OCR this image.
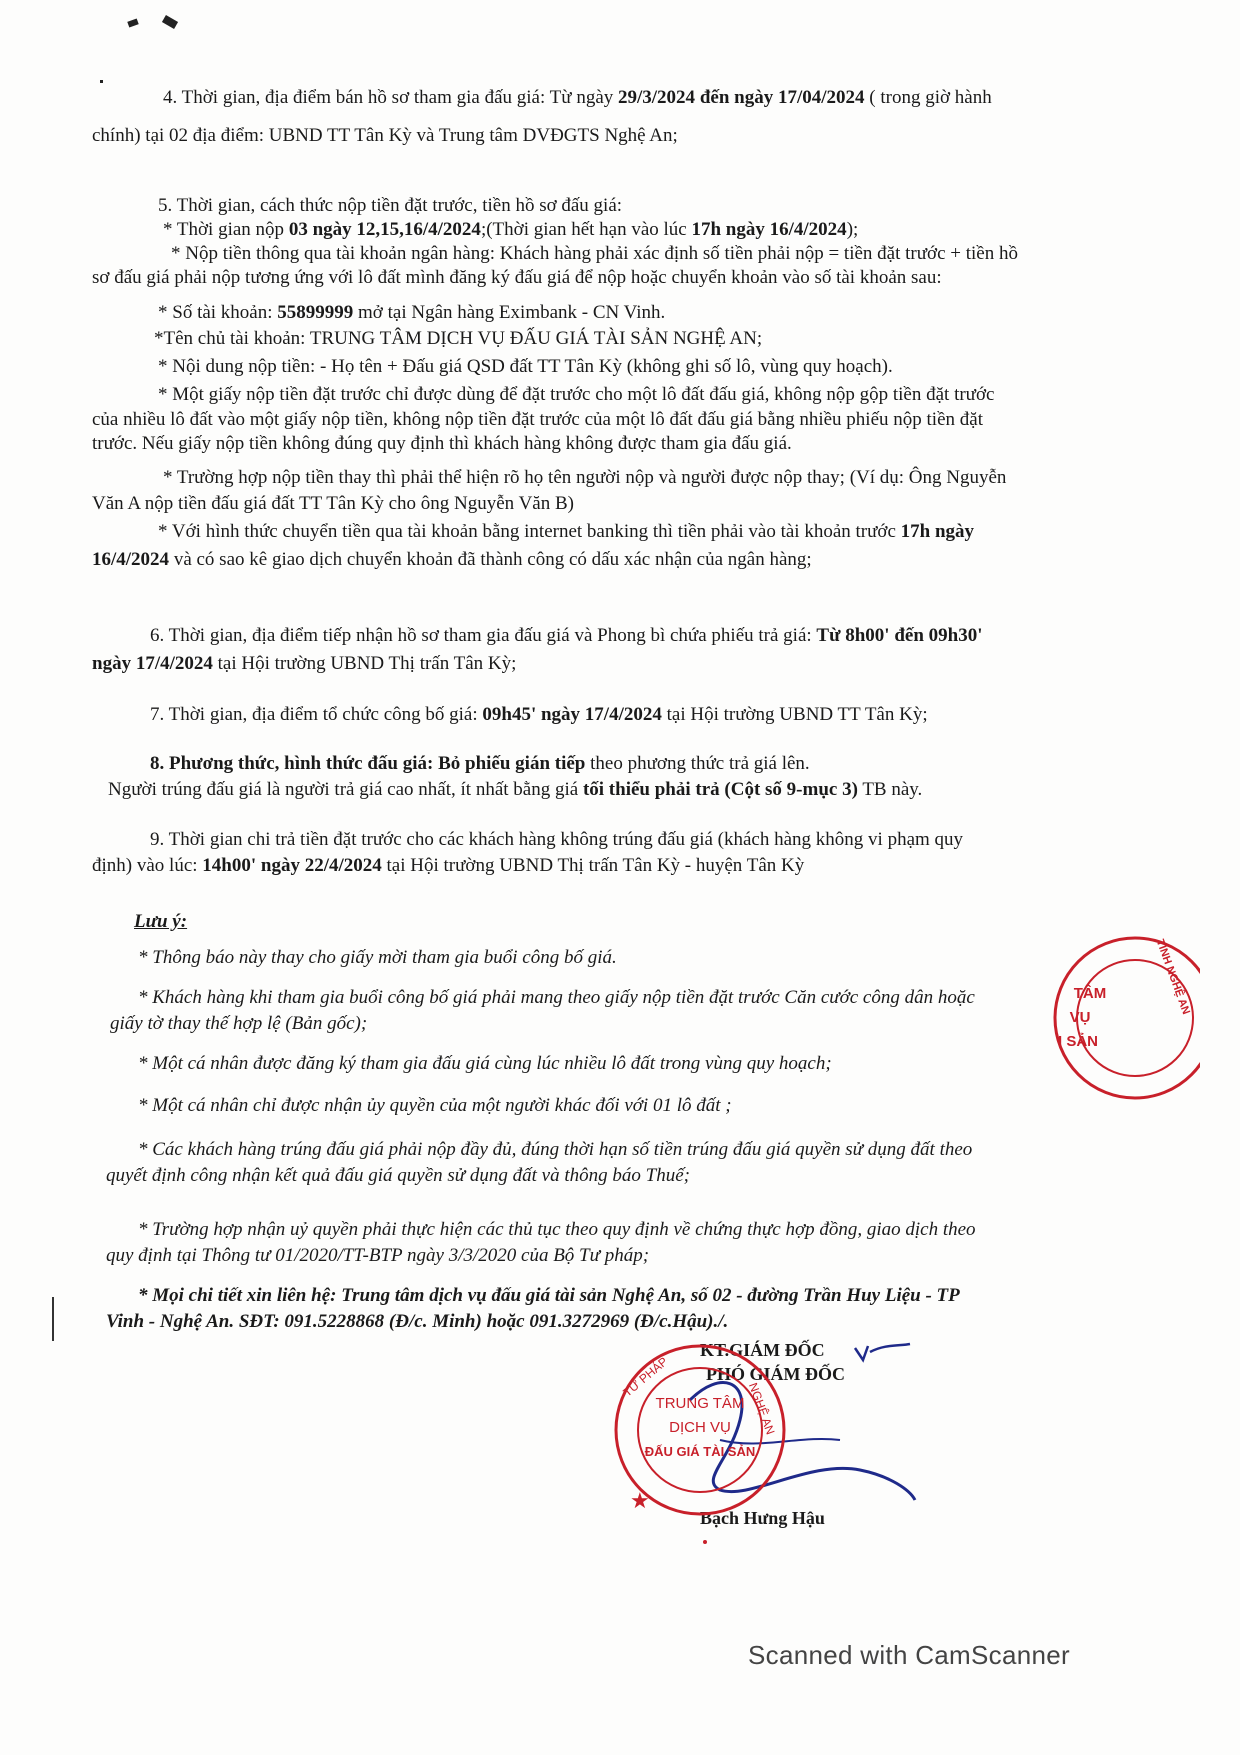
4. Thời gian, địa điểm bán hồ sơ tham gia đấu giá: Từ ngày 29/3/2024 đến ngày 17/04/2024 ( trong giờ hành
chính) tại 02 địa điểm: UBND TT Tân Kỳ và Trung tâm DVĐGTS Nghệ An;
5. Thời gian, cách thức nộp tiền đặt trước, tiền hồ sơ đấu giá:
* Thời gian nộp 03 ngày 12,15,16/4/2024;(Thời gian hết hạn vào lúc 17h ngày 16/4/2024);
* Nộp tiền thông qua tài khoản ngân hàng: Khách hàng phải xác định số tiền phải nộp = tiền đặt trước + tiền hồ
sơ đấu giá phải nộp tương ứng với lô đất mình đăng ký đấu giá để nộp hoặc chuyển khoản vào số tài khoản sau:
* Số tài khoản: 55899999 mở tại Ngân hàng Eximbank - CN Vinh.
*Tên chủ tài khoản: TRUNG TÂM DỊCH VỤ ĐẤU GIÁ TÀI SẢN NGHỆ AN;
* Nội dung nộp tiền: - Họ tên + Đấu giá QSD đất TT Tân Kỳ (không ghi số lô, vùng quy hoạch).
* Một giấy nộp tiền đặt trước chỉ được dùng để đặt trước cho một lô đất đấu giá, không nộp gộp tiền đặt trước
của nhiều lô đất vào một giấy nộp tiền, không nộp tiền đặt trước của một lô đất đấu giá bằng nhiều phiếu nộp tiền đặt
trước. Nếu giấy nộp tiền không đúng quy định thì khách hàng không được tham gia đấu giá.
* Trường hợp nộp tiền thay thì phải thể hiện rõ họ tên người nộp và người được nộp thay; (Ví dụ: Ông Nguyễn
Văn A nộp tiền đấu giá đất TT Tân Kỳ cho ông Nguyễn Văn B)
* Với hình thức chuyển tiền qua tài khoản bằng internet banking thì tiền phải vào tài khoản trước 17h ngày
16/4/2024 và có sao kê giao dịch chuyển khoản đã thành công có dấu xác nhận của ngân hàng;
6. Thời gian, địa điểm tiếp nhận hồ sơ tham gia đấu giá và Phong bì chứa phiếu trả giá: Từ 8h00' đến 09h30'
ngày 17/4/2024 tại Hội trường UBND Thị trấn Tân Kỳ;
7. Thời gian, địa điểm tổ chức công bố giá: 09h45' ngày 17/4/2024 tại Hội trường UBND TT Tân Kỳ;
8. Phương thức, hình thức đấu giá: Bỏ phiếu gián tiếp theo phương thức trả giá lên.
Người trúng đấu giá là người trả giá cao nhất, ít nhất bằng giá tối thiểu phải trả (Cột số 9-mục 3) TB này.
9. Thời gian chi trả tiền đặt trước cho các khách hàng không trúng đấu giá (khách hàng không vi phạm quy
định) vào lúc: 14h00' ngày 22/4/2024 tại Hội trường UBND Thị trấn Tân Kỳ - huyện Tân Kỳ
Lưu ý:
* Thông báo này thay cho giấy mời tham gia buổi công bố giá.
* Khách hàng khi tham gia buổi công bố giá phải mang theo giấy nộp tiền đặt trước Căn cước công dân hoặc
giấy tờ thay thế hợp lệ (Bản gốc);
* Một cá nhân được đăng ký tham gia đấu giá cùng lúc nhiều lô đất trong vùng quy hoạch;
* Một cá nhân chỉ được nhận ủy quyền của một người khác đối với 01 lô đất ;
* Các khách hàng trúng đấu giá phải nộp đầy đủ, đúng thời hạn số tiền trúng đấu giá quyền sử dụng đất theo
quyết định công nhận kết quả đấu giá quyền sử dụng đất và thông báo Thuế;
* Trường hợp nhận uỷ quyền phải thực hiện các thủ tục theo quy định về chứng thực hợp đồng, giao dịch theo
quy định tại Thông tư 01/2020/TT-BTP ngày 3/3/2020 của Bộ Tư pháp;
* Mọi chi tiết xin liên hệ: Trung tâm dịch vụ đấu giá tài sản Nghệ An, số 02 - đường Trần Huy Liệu - TP
Vinh - Nghệ An. SĐT: 091.5228868 (Đ/c. Minh) hoặc 091.3272969 (Đ/c.Hậu)./.
KT.GIÁM ĐỐC
PHÓ GIÁM ĐỐC
Bạch Hưng Hậu
TRUNG TÂM
DỊCH VỤ
ĐẤU GIÁ TÀI SẢN
TƯ PHÁP
NGHỆ AN
★
TÂM
VỤ
I SẢN
TỈNH NGHỆ AN
Scanned with CamScanner
